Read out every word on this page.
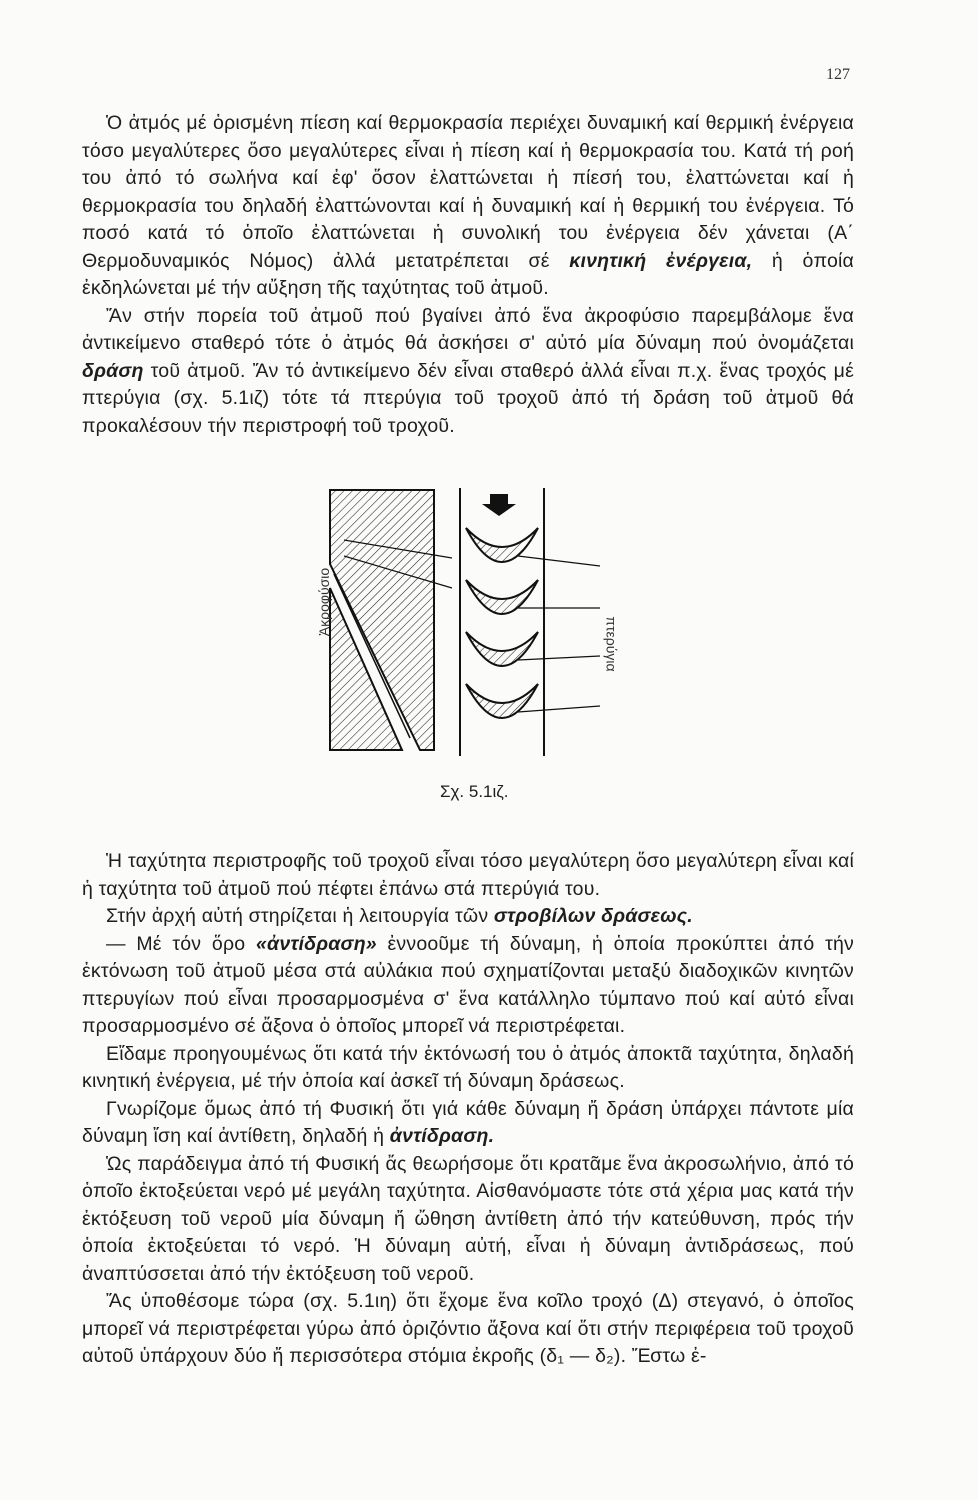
127

Ὁ ἀτμός μέ ὁρισμένη πίεση καί θερμοκρασία περιέχει δυναμική καί θερμική ἐνέργεια τόσο μεγαλύτερες ὅσο μεγαλύτερες εἶναι ἡ πίεση καί ἡ θερμοκρασία του. Κατά τή ροή του ἀπό τό σωλήνα καί ἐφ' ὅσον ἐλαττώνεται ἡ πίεσή του, ἐλαττώνεται καί ἡ θερμοκρασία του δηλαδή ἐλαττώνονται καί ἡ δυναμική καί ἡ θερμική του ἐνέργεια. Τό ποσό κατά τό ὁποῖο ἐλαττώνεται ἡ συνολική του ἐνέργεια δέν χάνεται (Α΄ Θερμοδυναμικός Νόμος) ἀλλά μετατρέπεται σέ κινητική ἐνέργεια, ἡ ὁποία ἐκδηλώνεται μέ τήν αὔξηση τῆς ταχύτητας τοῦ ἀτμοῦ.

Ἄν στήν πορεία τοῦ ἀτμοῦ πού βγαίνει ἀπό ἕνα ἀκροφύσιο παρεμβάλομε ἕνα ἀντικείμενο σταθερό τότε ὁ ἀτμός θά ἀσκήσει σ' αὐτό μία δύναμη πού ὀνομάζεται δράση τοῦ ἀτμοῦ. Ἄν τό ἀντικείμενο δέν εἶναι σταθερό ἀλλά εἶναι π.χ. ἕνας τροχός μέ πτερύγια (σχ. 5.1ιζ) τότε τά πτερύγια τοῦ τροχοῦ ἀπό τή δράση τοῦ ἀτμοῦ θά προκαλέσουν τήν περιστροφή τοῦ τροχοῦ.

Ἀκροφύσιο
πτερύγια
Σχ. 5.1ιζ.

Ἡ ταχύτητα περιστροφῆς τοῦ τροχοῦ εἶναι τόσο μεγαλύτερη ὅσο μεγαλύτερη εἶναι καί ἡ ταχύτητα τοῦ ἀτμοῦ πού πέφτει ἐπάνω στά πτερύγιά του.

Στήν ἀρχή αὐτή στηρίζεται ἡ λειτουργία τῶν στροβίλων δράσεως.

— Μέ τόν ὅρο «ἀντίδραση» ἐννοοῦμε τή δύναμη, ἡ ὁποία προκύπτει ἀπό τήν ἐκτόνωση τοῦ ἀτμοῦ μέσα στά αὐλάκια πού σχηματίζονται μεταξύ διαδοχικῶν κινητῶν πτερυγίων πού εἶναι προσαρμοσμένα σ' ἕνα κατάλληλο τύμπανο πού καί αὐτό εἶναι προσαρμοσμένο σέ ἄξονα ὁ ὁποῖος μπορεῖ νά περιστρέφεται.

Εἴδαμε προηγουμένως ὅτι κατά τήν ἐκτόνωσή του ὁ ἀτμός ἀποκτᾶ ταχύτητα, δηλαδή κινητική ἐνέργεια, μέ τήν ὁποία καί ἀσκεῖ τή δύναμη δράσεως.

Γνωρίζομε ὅμως ἀπό τή Φυσική ὅτι γιά κάθε δύναμη ἤ δράση ὑπάρχει πάντοτε μία δύναμη ἴση καί ἀντίθετη, δηλαδή ἡ ἀντίδραση.

Ὡς παράδειγμα ἀπό τή Φυσική ἄς θεωρήσομε ὅτι κρατᾶμε ἕνα ἀκροσωλήνιο, ἀπό τό ὁποῖο ἐκτοξεύεται νερό μέ μεγάλη ταχύτητα. Αἰσθανόμαστε τότε στά χέρια μας κατά τήν ἐκτόξευση τοῦ νεροῦ μία δύναμη ἤ ὤθηση ἀντίθετη ἀπό τήν κατεύθυνση, πρός τήν ὁποία ἐκτοξεύεται τό νερό. Ἡ δύναμη αὐτή, εἶναι ἡ δύναμη ἀντιδράσεως, πού ἀναπτύσσεται ἀπό τήν ἐκτόξευση τοῦ νεροῦ.

Ἄς ὑποθέσομε τώρα (σχ. 5.1ιη) ὅτι ἔχομε ἕνα κοῖλο τροχό (Δ) στεγανό, ὁ ὁποῖος μπορεῖ νά περιστρέφεται γύρω ἀπό ὁριζόντιο ἄξονα καί ὅτι στήν περιφέρεια τοῦ τροχοῦ αὐτοῦ ὑπάρχουν δύο ἤ περισσότερα στόμια ἐκροῆς (δ₁ — δ₂). Ἔστω ἐ-
